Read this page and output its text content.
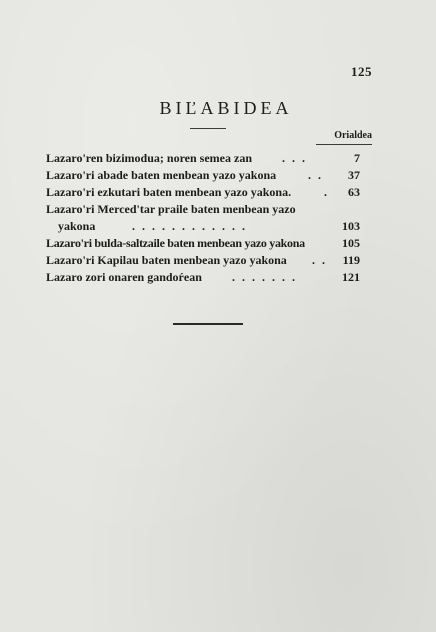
125
BIĽABIDEA
Orialdea
Lazaro'ren bizimodua; noren semea zan	. . .	7
Lazaro'ri abade baten menbean yazo yakona	. . 37
Lazaro'ri ezkutari baten menbean yazo yakona.	. 63
Lazaro'ri Merced'tar praile baten menbean yazo
yakona	. . . . . . . . . . . .	103
Lazaro'ri bulda-saltzaile baten menbean yazo yakona	105
Lazaro'ri Kapilau baten menbean yazo yakona . . 119
Lazaro zori onaren gandoŕean	. . . . . . .	121
